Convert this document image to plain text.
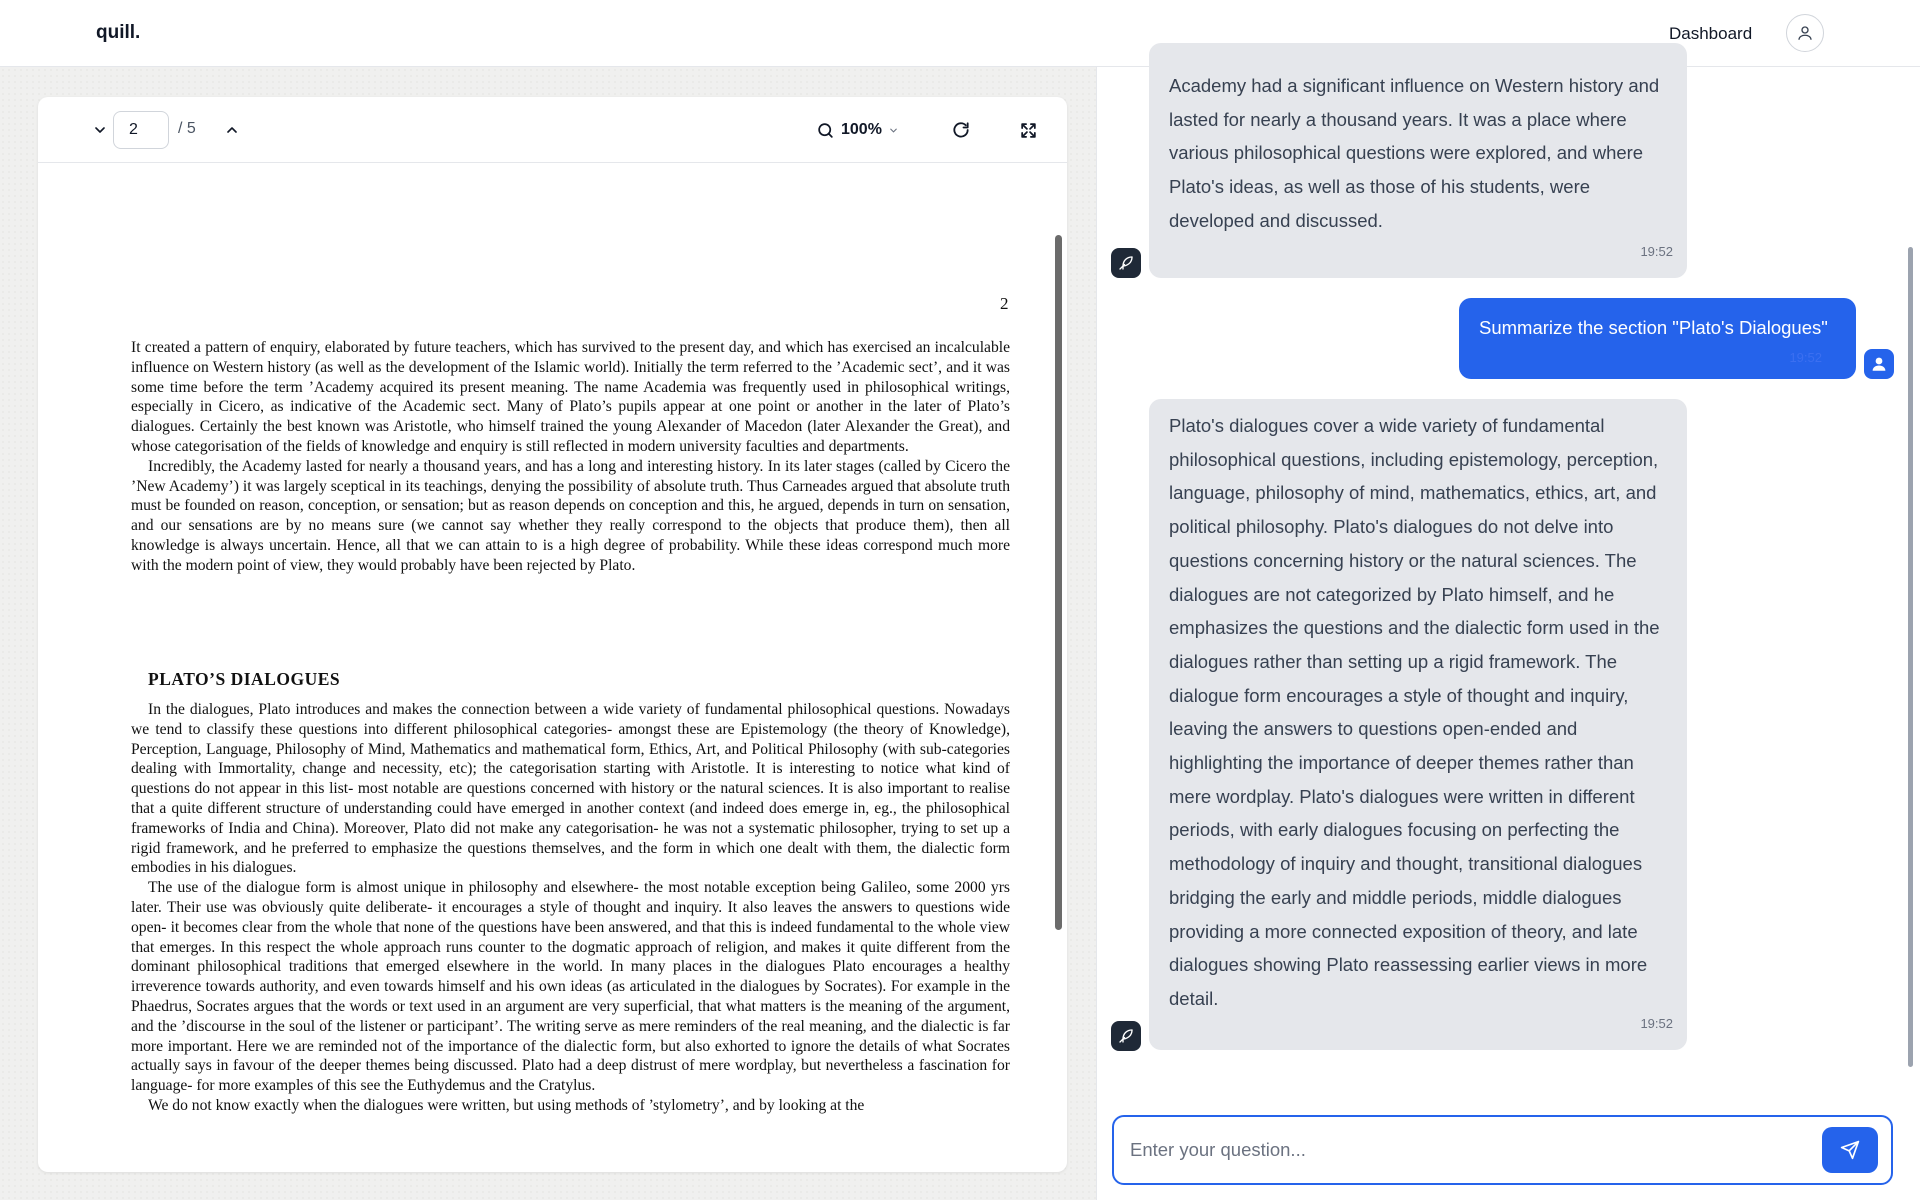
quill.	Dashboard
2
/ 5	100%
2

It created a pattern of enquiry, elaborated by future teachers, which has survived to the present day, and which has exercised an incalculable influence on Western history (as well as the development of the Islamic world). Initially the term referred to the ’Academic sect’, and it was some time before the term ’Academy acquired its present meaning. The name Academia was frequently used in philosophical writings, especially in Cicero, as indicative of the Academic sect. Many of Plato’s pupils appear at one point or another in the later of Plato’s dialogues. Certainly the best known was Aristotle, who himself trained the young Alexander of Macedon (later Alexander the Great), and whose categorisation of the fields of knowledge and enquiry is still reflected in modern university faculties and departments.

Incredibly, the Academy lasted for nearly a thousand years, and has a long and interesting history. In its later stages (called by Cicero the ’New Academy’) it was largely sceptical in its teachings, denying the possibility of absolute truth. Thus Carneades argued that absolute truth must be founded on reason, conception, or sensation; but as reason depends on conception and this, he argued, depends in turn on sensation, and our sensations are by no means sure (we cannot say whether they really correspond to the objects that produce them), then all knowledge is always uncertain. Hence, all that we can attain to is a high degree of probability. While these ideas correspond much more with the modern point of view, they would probably have been rejected by Plato.

PLATO’S DIALOGUES

In the dialogues, Plato introduces and makes the connection between a wide variety of fundamental philosophical questions. Nowadays we tend to classify these questions into different philosophical categories- amongst these are Epistemology (the theory of Knowledge), Perception, Language, Philosophy of Mind, Mathematics and mathematical form, Ethics, Art, and Political Philosophy (with sub-categories dealing with Immortality, change and necessity, etc); the categorisation starting with Aristotle. It is interesting to notice what kind of questions do not appear in this list- most notable are questions concerned with history or the natural sciences. It is also important to realise that a quite different structure of understanding could have emerged in another context (and indeed does emerge in, eg., the philosophical frameworks of India and China). Moreover, Plato did not make any categorisation- he was not a systematic philosopher, trying to set up a rigid framework, and he preferred to emphasize the questions themselves, and the form in which one dealt with them, the dialectic form embodies in his dialogues.

The use of the dialogue form is almost unique in philosophy and elsewhere- the most notable exception being Galileo, some 2000 yrs later. Their use was obviously quite deliberate- it encourages a style of thought and inquiry. It also leaves the answers to questions wide open- it becomes clear from the whole that none of the questions have been answered, and that this is indeed fundamental to the whole view that emerges. In this respect the whole approach runs counter to the dogmatic approach of religion, and makes it quite different from the dominant philosophical traditions that emerged elsewhere in the world. In many places in the dialogues Plato encourages a healthy irreverence towards authority, and even towards himself and his own ideas (as articulated in the dialogues by Socrates). For example in the Phaedrus, Socrates argues that the words or text used in an argument are very superficial, that what matters is the meaning of the argument, and the ’discourse in the soul of the listener or participant’. The writing serve as mere reminders of the real meaning, and the dialectic is far more important. Here we are reminded not of the importance of the dialectic form, but also exhorted to ignore the details of what Socrates actually says in favour of the deeper themes being discussed. Plato had a deep distrust of mere wordplay, but nevertheless a fascination for language- for more examples of this see the Euthydemus and the Cratylus.

We do not know exactly when the dialogues were written, but using methods of ’stylometry’, and by looking at the

Academy had a significant influence on Western history and lasted for nearly a thousand years. It was a place where various philosophical questions were explored, and where Plato's ideas, as well as those of his students, were developed and discussed.
19:52
Summarize the section "Plato's Dialogues"
19:52
Plato's dialogues cover a wide variety of fundamental philosophical questions, including epistemology, perception, language, philosophy of mind, mathematics, ethics, art, and political philosophy. Plato's dialogues do not delve into questions concerning history or the natural sciences. The dialogues are not categorized by Plato himself, and he emphasizes the questions and the dialectic form used in the dialogues rather than setting up a rigid framework. The dialogue form encourages a style of thought and inquiry, leaving the answers to questions open-ended and highlighting the importance of deeper themes rather than mere wordplay. Plato's dialogues were written in different periods, with early dialogues focusing on perfecting the methodology of inquiry and thought, transitional dialogues bridging the early and middle periods, middle dialogues providing a more connected exposition of theory, and late dialogues showing Plato reassessing earlier views in more detail.
19:52
Enter your question...
